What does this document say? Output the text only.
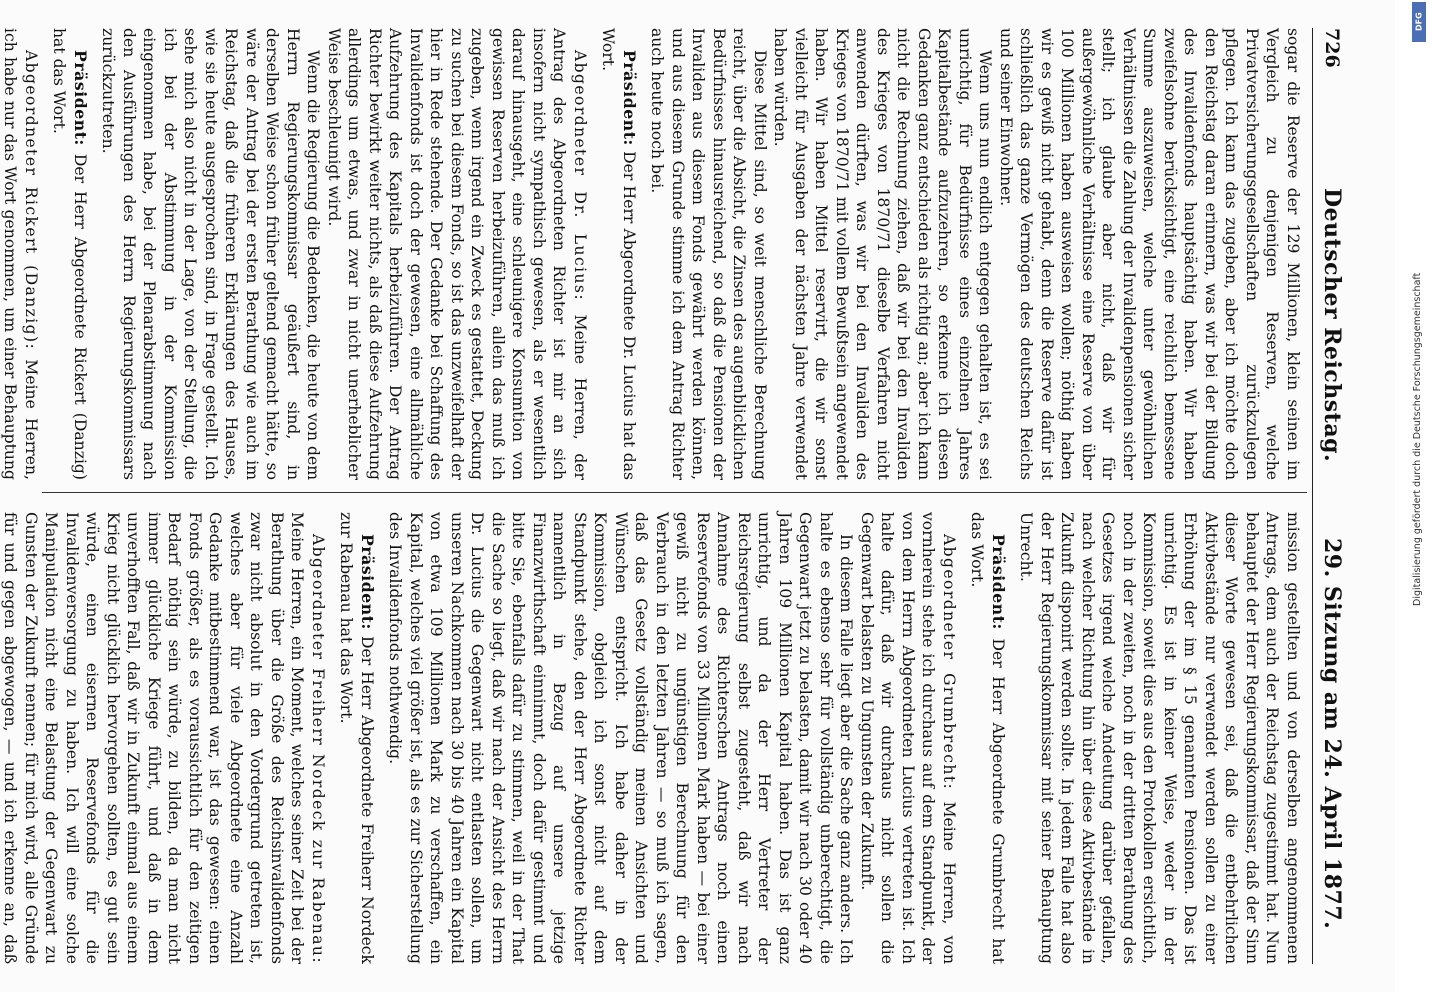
726
Deutscher Reichstag.
29. Sitzung am 24. April 1877.

sogar die Reserve der 129 Millionen, klein seinen im Vergleich zu denjenigen Reserven, welche Privatversicherungsgesellschaften zurückzulegen pflegen. Ich kann das zugeben, aber ich möchte doch den Reichstag daran erinnern, was wir bei der Bildung des Invalidenfonds hauptsächtig haben. Wir haben zweifelsohne berücksichtigt, eine reichlich bemessene Summe auszuweisen, welche unter gewöhnlichen Verhältnissen die Zahlung der Invalidenpensionen sicher stellt; ich glaube aber nicht, daß wir für außergewöhnliche Verhältnisse eine Reserve von über 100 Millionen haben ausweisen wollen; nöthig haben wir es gewiß nicht gehabt, denn die Reserve dafür ist schließlich das ganze Vermögen des deutschen Reichs und seiner Einwohner.

Wenn uns nun endlich entgegen gehalten ist, es sei unrichtig, für Bedürfnisse eines einzelnen Jahres Kapitalbestände aufzuzehren, so erkenne ich diesen Gedanken ganz entschieden als richtig an; aber ich kann nicht die Rechnung ziehen, daß wir bei den Invaliden des Krieges von 1870/71 dieselbe Verfahren nicht anwenden dürften, was wir bei den Invaliden des Krieges von 1870/71 mit vollem Bewußtsein angewendet haben. Wir haben Mittel reservirt, die wir sonst vielleicht für Ausgaben der nächsten Jahre verwendet haben würden.

Diese Mittel sind, so weit menschliche Berechnung reicht, über die Absicht, die Zinsen des augenblicklichen Bedürfnisses hinausreichend, so daß die Pensionen der Invaliden aus diesem Fonds gewährt werden können, und aus diesem Grunde stimme ich dem Antrag Richter auch heute noch bei.

Präsident: Der Herr Abgeordnete Dr. Lucius hat das Wort.

Abgeordneter Dr. Lucius: Meine Herren, der Antrag des Abgeordneten Richter ist mir an sich insofern nicht sympathisch gewesen, als er wesentlich darauf hinausgeht, eine schleunigere Konsumtion von gewissen Reserven herbeizuführen, allein das muß ich zugeben, wenn irgend ein Zweck es gestattet, Deckung zu suchen bei diesem Fonds, so ist das unzweifelhaft der hier in Rede stehende. Der Gedanke bei Schaffung des Invalidenfonds ist doch der gewesen, eine allmähliche Aufzehrung des Kapitals herbeizuführen. Der Antrag Richter bewirkt weiter nichts, als daß diese Aufzehrung allerdings um etwas, und zwar in nicht unerheblicher Weise beschleunigt wird.

Wenn die Regierung die Bedenken, die heute von dem Herrn Regierungskommissar geäußert sind, in derselben Weise schon früher geltend gemacht hätte, so wäre der Antrag bei der ersten Berathung wie auch im Reichstag, daß die früheren Erklärungen des Hauses, wie sie heute ausgesprochen sind, in Frage gestellt. Ich sehe mich also nicht in der Lage, von der Stellung, die ich bei der Abstimmung in der Kommission eingenommen habe, bei der Plenarabstimmung nach den Ausführungen des Herrn Regierungskommissars zurückzutreten.

Präsident: Der Herr Abgeordnete Rickert (Danzig) hat das Wort.

Abgeordneter Rickert (Danzig): Meine Herren, ich habe nur das Wort genommen, um einer Behauptung

mission gestellten und von derselben angenommenen Antrags, dem auch der Reichstag zugestimmt hat. Nun behauptet der Herr Regierungskommissar, daß der Sinn dieser Worte gewesen sei, daß die entbehrlichen Aktivbestände nur verwendet werden sollen zu einer Erhöhung der im § 15 genannten Pensionen. Das ist unrichtig. Es ist in keiner Weise, weder in der Kommission, soweit dies aus den Protokollen ersichtlich, noch in der zweiten, noch in der dritten Berathung des Gesetzes irgend welche Andeutung darüber gefallen, nach welcher Richtung hin über diese Aktivbestände in Zukunft disponirt werden sollte. In jedem Falle hat also der Herr Regierungskommissar mit seiner Behauptung Unrecht.

Präsident: Der Herr Abgeordnete Grumbrecht hat das Wort.

Abgeordneter Grumbrecht: Meine Herren, von vornherein stehe ich durchaus auf dem Standpunkt, der von dem Herrn Abgeordneten Lucius vertreten ist. Ich halte dafür, daß wir durchaus nicht sollen die Gegenwart belasten zu Ungunsten der Zukunft.

In diesem Falle liegt aber die Sache ganz anders. Ich halte es ebenso sehr für vollständig unberechtigt, die Gegenwart jetzt zu belasten, damit wir nach 30 oder 40 Jahren 109 Millionen Kapital haben. Das ist ganz unrichtig, und da der Herr Vertreter der Reichsregierung selbst zugesteht, daß wir nach Annahme des Richterschen Antrags noch einen Reservefonds von 33 Millionen Mark haben — bei einer gewiß nicht zu ungünstigen Berechnung für den Verbrauch in den letzten Jahren — so muß ich sagen, daß das Gesetz vollständig meinen Ansichten und Wünschen entspricht. Ich habe daher in der Kommission, obgleich ich sonst nicht auf dem Standpunkt stehe, den der Herr Abgeordnete Richter namentlich in Bezug auf unsere jetzige Finanzwirthschaft einnimmt, doch dafür gestimmt und bitte Sie, ebenfalls dafür zu stimmen, weil in der That die Sache so liegt, daß wir nach der Ansicht des Herrn Dr. Lucius die Gegenwart nicht entlasten sollen, um unseren Nachkommen nach 30 bis 40 Jahren ein Kapital von etwa 109 Millionen Mark zu verschaffen, ein Kapital, welches viel größer ist, als es zur Sicherstellung des Invalidenfonds nothwendig.

Präsident: Der Herr Abgeordnete Freiherr Nordeck zur Rabenau hat das Wort.

Abgeordneter Freiherr Nordeck zur Rabenau: Meine Herren, ein Moment, welches seiner Zeit bei der Berathung über die Größe des Reichsinvalidenfonds zwar nicht absolut in den Vordergrund getreten ist, welches aber für viele Abgeordnete eine Anzahl Gedanke mitbestimmend war, ist das gewesen: einen Fonds größer, als es voraussichtlich für den zeitigen Bedarf nöthig sein würde, zu bilden, da man nicht immer glückliche Kriege führt, und daß in dem unverhofften Fall, daß wir in Zukunft einmal aus einem Krieg nicht glücklich hervorgehen sollten, es gut sein würde, einen eisernen Reservefonds für die Invalidenversorgung zu haben. Ich will eine solche Manipulation nicht eine Belastung der Gegenwart zu Gunsten der Zukunft nennen; für mich wird, alle Gründe für und gegen abgewogen, — und ich erkenne an, daß

DFG
Digitalisierung gefördert durch die Deutsche Forschungsgemeinschaft
